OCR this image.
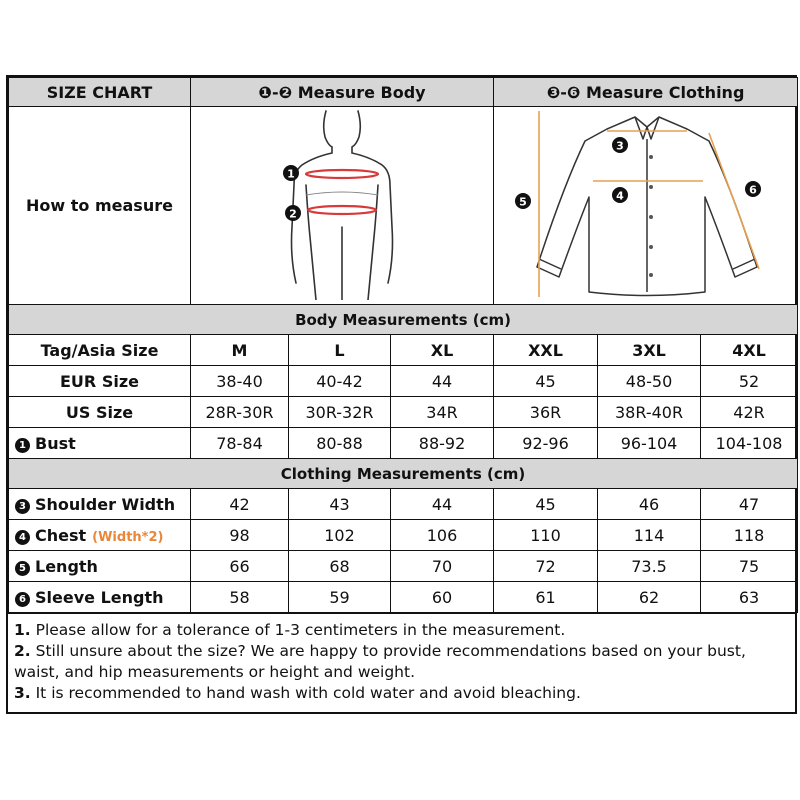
SIZE CHART	❶-❷ Measure Body			❸-❻ Measure Clothing		
How to measure	1
2			3
4
5
6		

Body Measurements (cm)						
Tag/Asia Size	M	L	XL	XXL	3XL	4XL
EUR Size	38-40	40-42	44	45	48-50	52
US Size	28R-30R	30R-32R	34R	36R	38R-40R	42R
1 Bust	78-84	80-88	88-92	92-96	96-104	104-108
Clothing Measurements (cm)						
3 Shoulder Width	42	43	44	45	46	47
4 Chest (Width*2)	98	102	106	110	114	118
5 Length	66	68	70	72	73.5	75
6 Sleeve Length	58	59	60	61	62	63
1. Please allow for a tolerance of 1-3 centimeters in the measurement.
2. Still unsure about the size? We are happy to provide recommendations based on your bust, waist, and hip measurements or height and weight.
3. It is recommended to hand wash with cold water and avoid bleaching.
